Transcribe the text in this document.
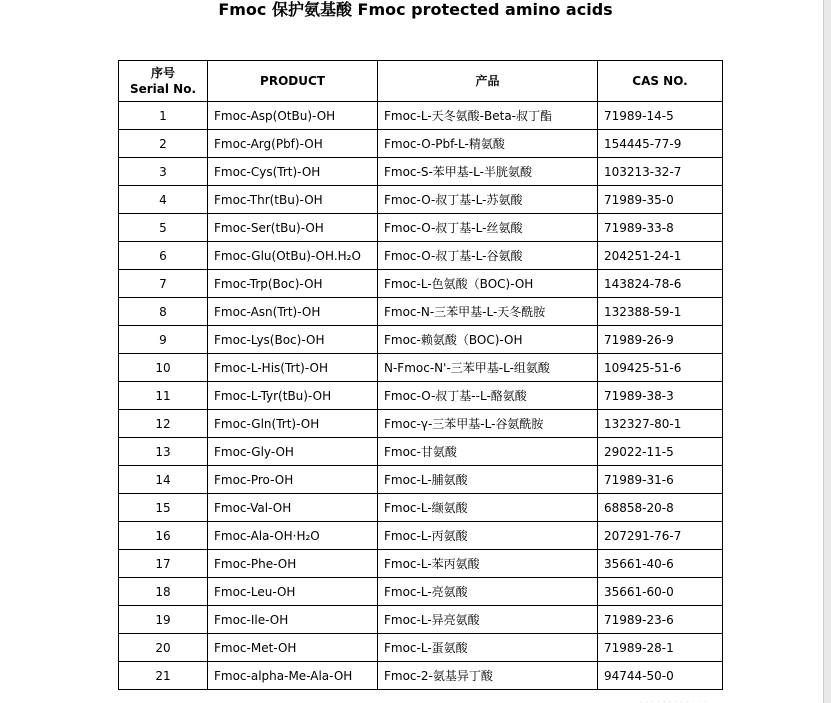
Fmoc 保护氨基酸 Fmoc protected amino acids
序号
Serial No.	PRODUCT	产品	CAS NO.
1	Fmoc-Asp(OtBu)-OH	Fmoc-L-天冬氨酸-Beta-叔丁酯	71989-14-5
2	Fmoc-Arg(Pbf)-OH	Fmoc-O-Pbf-L-精氨酸	154445-77-9
3	Fmoc-Cys(Trt)-OH	Fmoc-S-苯甲基-L-半胱氨酸	103213-32-7
4	Fmoc-Thr(tBu)-OH	Fmoc-O-叔丁基-L-苏氨酸	71989-35-0
5	Fmoc-Ser(tBu)-OH	Fmoc-O-叔丁基-L-丝氨酸	71989-33-8
6	Fmoc-Glu(OtBu)-OH.H₂O	Fmoc-O-叔丁基-L-谷氨酸	204251-24-1
7	Fmoc-Trp(Boc)-OH	Fmoc-L-色氨酸（BOC)-OH	143824-78-6
8	Fmoc-Asn(Trt)-OH	Fmoc-N-三苯甲基-L-天冬酰胺	132388-59-1
9	Fmoc-Lys(Boc)-OH	Fmoc-赖氨酸（BOC)-OH	71989-26-9
10	Fmoc-L-His(Trt)-OH	N-Fmoc-N'-三苯甲基-L-组氨酸	109425-51-6
11	Fmoc-L-Tyr(tBu)-OH	Fmoc-O-叔丁基--L-酪氨酸	71989-38-3
12	Fmoc-Gln(Trt)-OH	Fmoc-γ-三苯甲基-L-谷氨酰胺	132327-80-1
13	Fmoc-Gly-OH	Fmoc-甘氨酸	29022-11-5
14	Fmoc-Pro-OH	Fmoc-L-脯氨酸	71989-31-6
15	Fmoc-Val-OH	Fmoc-L-缬氨酸	68858-20-8
16	Fmoc-Ala-OH·H₂O	Fmoc-L-丙氨酸	207291-76-7
17	Fmoc-Phe-OH	Fmoc-L-苯丙氨酸	35661-40-6
18	Fmoc-Leu-OH	Fmoc-L-亮氨酸	35661-60-0
19	Fmoc-Ile-OH	Fmoc-L-异亮氨酸	71989-23-6
20	Fmoc-Met-OH	Fmoc-L-蛋氨酸	71989-28-1
21	Fmoc-alpha-Me-Ala-OH	Fmoc-2-氨基异丁酸	94744-50-0
· · · · · · · · · · · ·
